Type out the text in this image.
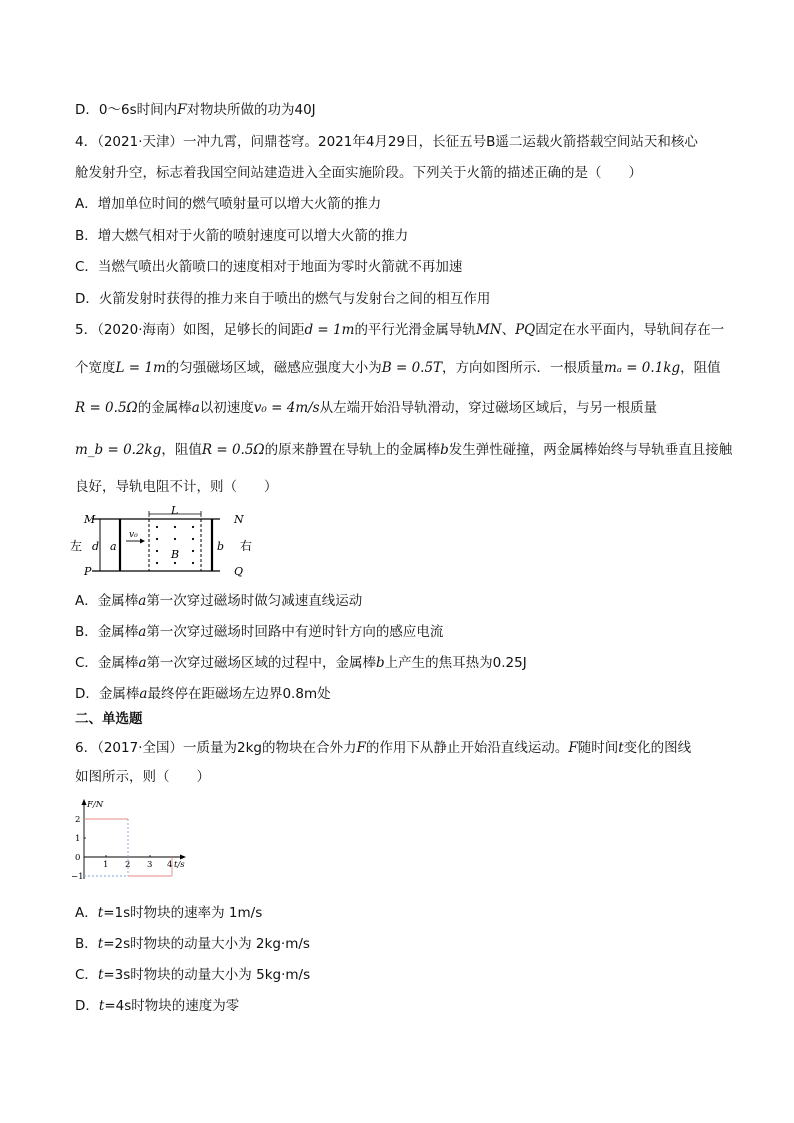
D．0～6s时间内F对物块所做的功为40J
4．（2021·天津）一冲九霄，问鼎苍穹。2021年4月29日，长征五号B遥二运载火箭搭载空间站天和核心
舱发射升空，标志着我国空间站建造进入全面实施阶段。下列关于火箭的描述正确的是（　　）
A．增加单位时间的燃气喷射量可以增大火箭的推力
B．增大燃气相对于火箭的喷射速度可以增大火箭的推力
C．当燃气喷出火箭喷口的速度相对于地面为零时火箭就不再加速
D．火箭发射时获得的推力来自于喷出的燃气与发射台之间的相互作用
5．（2020·海南）如图，足够长的间距d = 1m的平行光滑金属导轨MN、PQ固定在水平面内，导轨间存在一
个宽度L = 1m的匀强磁场区域，磁感应强度大小为B = 0.5T，方向如图所示．一根质量mₐ = 0.1kg，阻值
R = 0.5Ω的金属棒a以初速度v₀ = 4m/s从左端开始沿导轨滑动，穿过磁场区域后，与另一根质量
m_b = 0.2kg，阻值R = 0.5Ω的原来静置在导轨上的金属棒b发生弹性碰撞，两金属棒始终与导轨垂直且接触
良好，导轨电阻不计，则（　　）
M	N
P	Q
L
d a	b
v₀
B
左	右
A．金属棒a第一次穿过磁场时做匀减速直线运动
B．金属棒a第一次穿过磁场时回路中有逆时针方向的感应电流
C．金属棒a第一次穿过磁场区域的过程中，金属棒b上产生的焦耳热为0.25J
D．金属棒a最终停在距磁场左边界0.8m处
二、单选题
6．（2017·全国）一质量为2kg的物块在合外力F的作用下从静止开始沿直线运动。F随时间t变化的图线
如图所示，则（　　）
F/N
t/s
2
1
0
−1
1 2 3 4
A．t=1s时物块的速率为 1m/s
B．t=2s时物块的动量大小为 2kg·m/s
C．t=3s时物块的动量大小为 5kg·m/s
D．t=4s时物块的速度为零
